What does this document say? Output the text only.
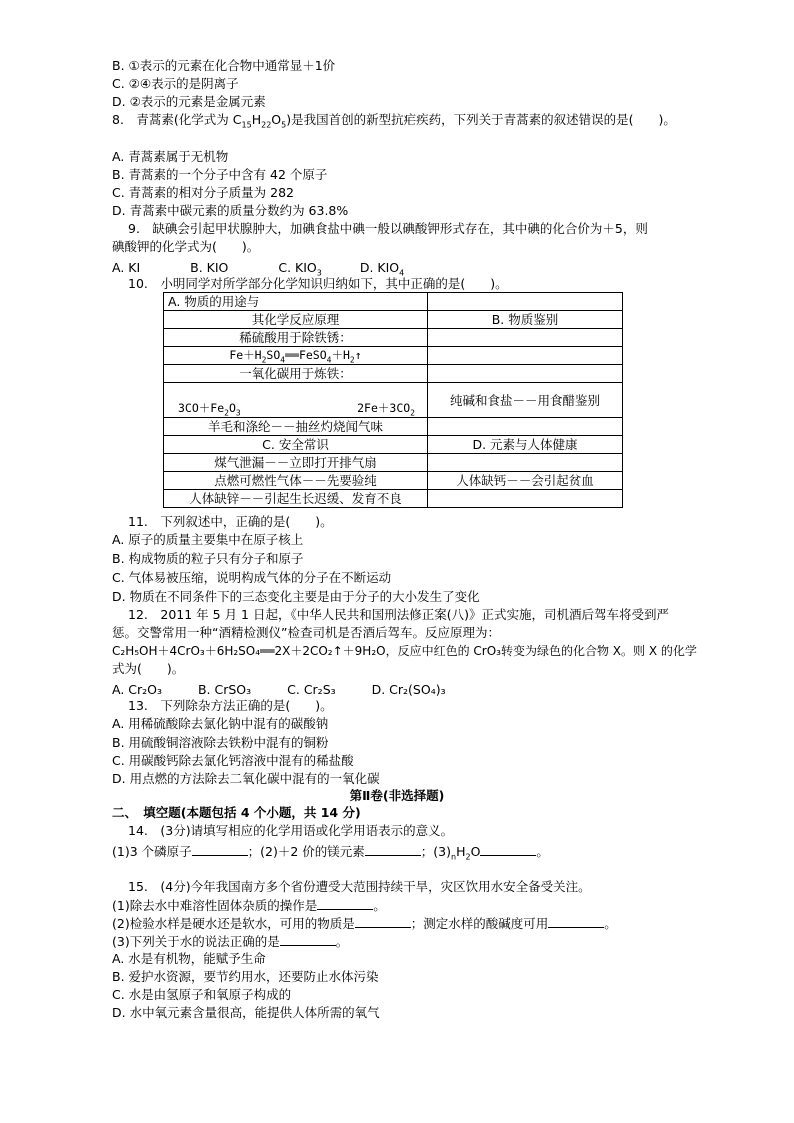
B. ①表示的元素在化合物中通常显＋1价
C. ②④表示的是阴离子
D. ②表示的元素是金属元素
8.　青蒿素(化学式为 $C_{15}H_{22}O_5$)是我国首创的新型抗疟疾药，下列关于青蒿素的叙述错误的是(　　)。
A. 青蒿素属于无机物
B. 青蒿素的一个分子中含有 42 个原子
C. 青蒿素的相对分子质量为 282
D. 青蒿素中碳元素的质量分数约为 63.8%
9.　缺碘会引起甲状腺肿大，加碘食盐中碘一般以碘酸钾形式存在，其中碘的化合价为＋5，则
碘酸钾的化学式为(　　)。
A. KI	B. KIO	C. $KIO_3$	D. $KIO_4$
10.　小明同学对所学部分化学知识归纳如下，其中正确的是(　　)。
A. 物质的用途与	
其化学反应原理	B. 物质鉴别
稀硫酸用于除铁锈：	
$Fe+H_2SO_4══FeSO_4+H_2↑$	
一氧化碳用于炼铁：	

$3CO+Fe_2O_3$ $2Fe+3CO_2$	纯碱和食盐－－用食醋鉴别
羊毛和涤纶－－抽丝灼烧闻气味	
C. 安全常识	D. 元素与人体健康
煤气泄漏－－立即打开排气扇	
点燃可燃性气体－－先要验纯	人体缺钙－－会引起贫血
人体缺锌－－引起生长迟缓、发育不良	
11.　下列叙述中，正确的是(　　)。
A. 原子的质量主要集中在原子核上
B. 构成物质的粒子只有分子和原子
C. 气体易被压缩，说明构成气体的分子在不断运动
D. 物质在不同条件下的三态变化主要是由于分子的大小发生了变化
12.　2011 年 5 月 1 日起，《中华人民共和国刑法修正案(八)》正式实施，司机酒后驾车将受到严
惩。交警常用一种“酒精检测仪”检查司机是否酒后驾车。反应原理为：
C₂H₅OH＋4CrO₃＋6H₂SO₄══2X＋2CO₂↑＋9H₂O，反应中红色的 CrO₃转变为绿色的化合物 X。则 X 的化学
式为(　　)。
A. Cr₂O₃	B. CrSO₃	C. Cr₂S₃	D. Cr₂(SO₄)₃
13.　下列除杂方法正确的是(　　)。
A. 用稀硫酸除去氯化钠中混有的碳酸钠
B. 用硫酸铜溶液除去铁粉中混有的铜粉
C. 用碳酸钙除去氯化钙溶液中混有的稀盐酸
D. 用点燃的方法除去二氧化碳中混有的一氧化碳
第Ⅱ卷(非选择题)
二、　填空题(本题包括 4 个小题，共 14 分)
14.　(3分)请填写相应的化学用语或化学用语表示的意义。
(1)3 个磷原子	；(2)＋2 价的镁元素	；$(3)_nH_2O$	。
15.　(4分)今年我国南方多个省份遭受大范围持续干旱，灾区饮用水安全备受关注。
(1)除去水中难溶性固体杂质的操作是	。
(2)检验水样是硬水还是软水，可用的物质是	；测定水样的酸碱度可用	。
(3)下列关于水的说法正确的是	。
A. 水是有机物，能赋予生命
B. 爱护水资源，要节约用水，还要防止水体污染
C. 水是由氢原子和氧原子构成的
D. 水中氧元素含量很高，能提供人体所需的氧气
